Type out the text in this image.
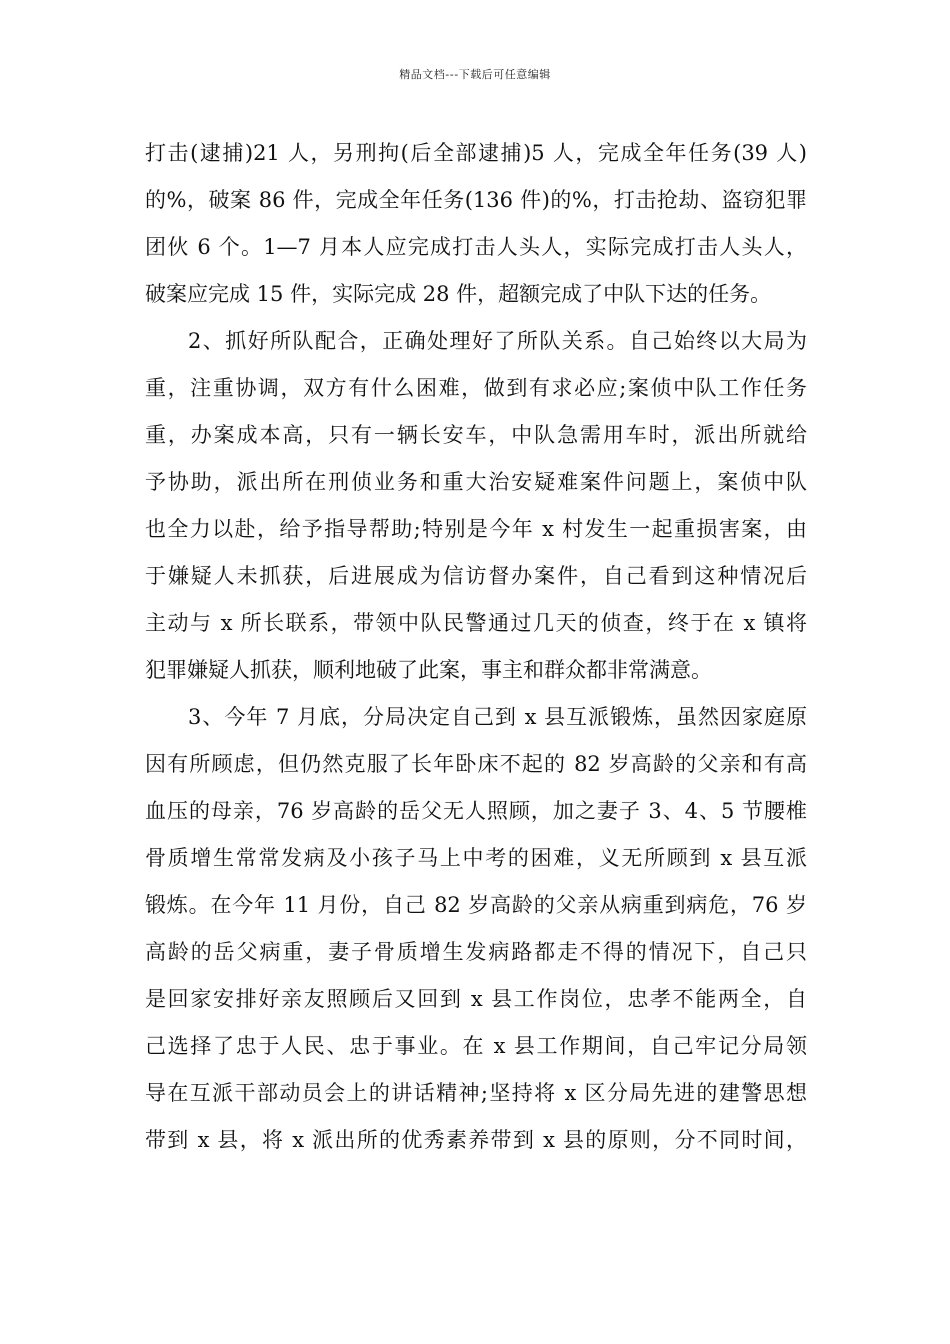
精品文档---下载后可任意编辑
打击(逮捕)21 人，另刑拘(后全部逮捕)5 人，完成全年任务(39 人)
的%，破案 86 件，完成全年任务(136 件)的%，打击抢劫、盗窃犯罪
团伙 6 个。1—7 月本人应完成打击人头人，实际完成打击人头人，
破案应完成 15 件，实际完成 28 件，超额完成了中队下达的任务。
2、抓好所队配合，正确处理好了所队关系。自己始终以大局为
重，注重协调，双方有什么困难，做到有求必应;案侦中队工作任务
重，办案成本高，只有一辆长安车，中队急需用车时，派出所就给
予协助，派出所在刑侦业务和重大治安疑难案件问题上，案侦中队
也全力以赴，给予指导帮助;特别是今年 x 村发生一起重损害案，由
于嫌疑人未抓获，后进展成为信访督办案件，自己看到这种情况后
主动与 x 所长联系，带领中队民警通过几天的侦查，终于在 x 镇将
犯罪嫌疑人抓获，顺利地破了此案，事主和群众都非常满意。
3、今年 7 月底，分局决定自己到 x 县互派锻炼，虽然因家庭原
因有所顾虑，但仍然克服了长年卧床不起的 82 岁高龄的父亲和有高
血压的母亲，76 岁高龄的岳父无人照顾，加之妻子 3、4、5 节腰椎
骨质增生常常发病及小孩子马上中考的困难，义无所顾到 x 县互派
锻炼。在今年 11 月份，自己 82 岁高龄的父亲从病重到病危，76 岁
高龄的岳父病重，妻子骨质增生发病路都走不得的情况下，自己只
是回家安排好亲友照顾后又回到 x 县工作岗位，忠孝不能两全，自
己选择了忠于人民、忠于事业。在 x 县工作期间，自己牢记分局领
导在互派干部动员会上的讲话精神;坚持将 x 区分局先进的建警思想
带到 x 县，将 x 派出所的优秀素养带到 x 县的原则，分不同时间，
